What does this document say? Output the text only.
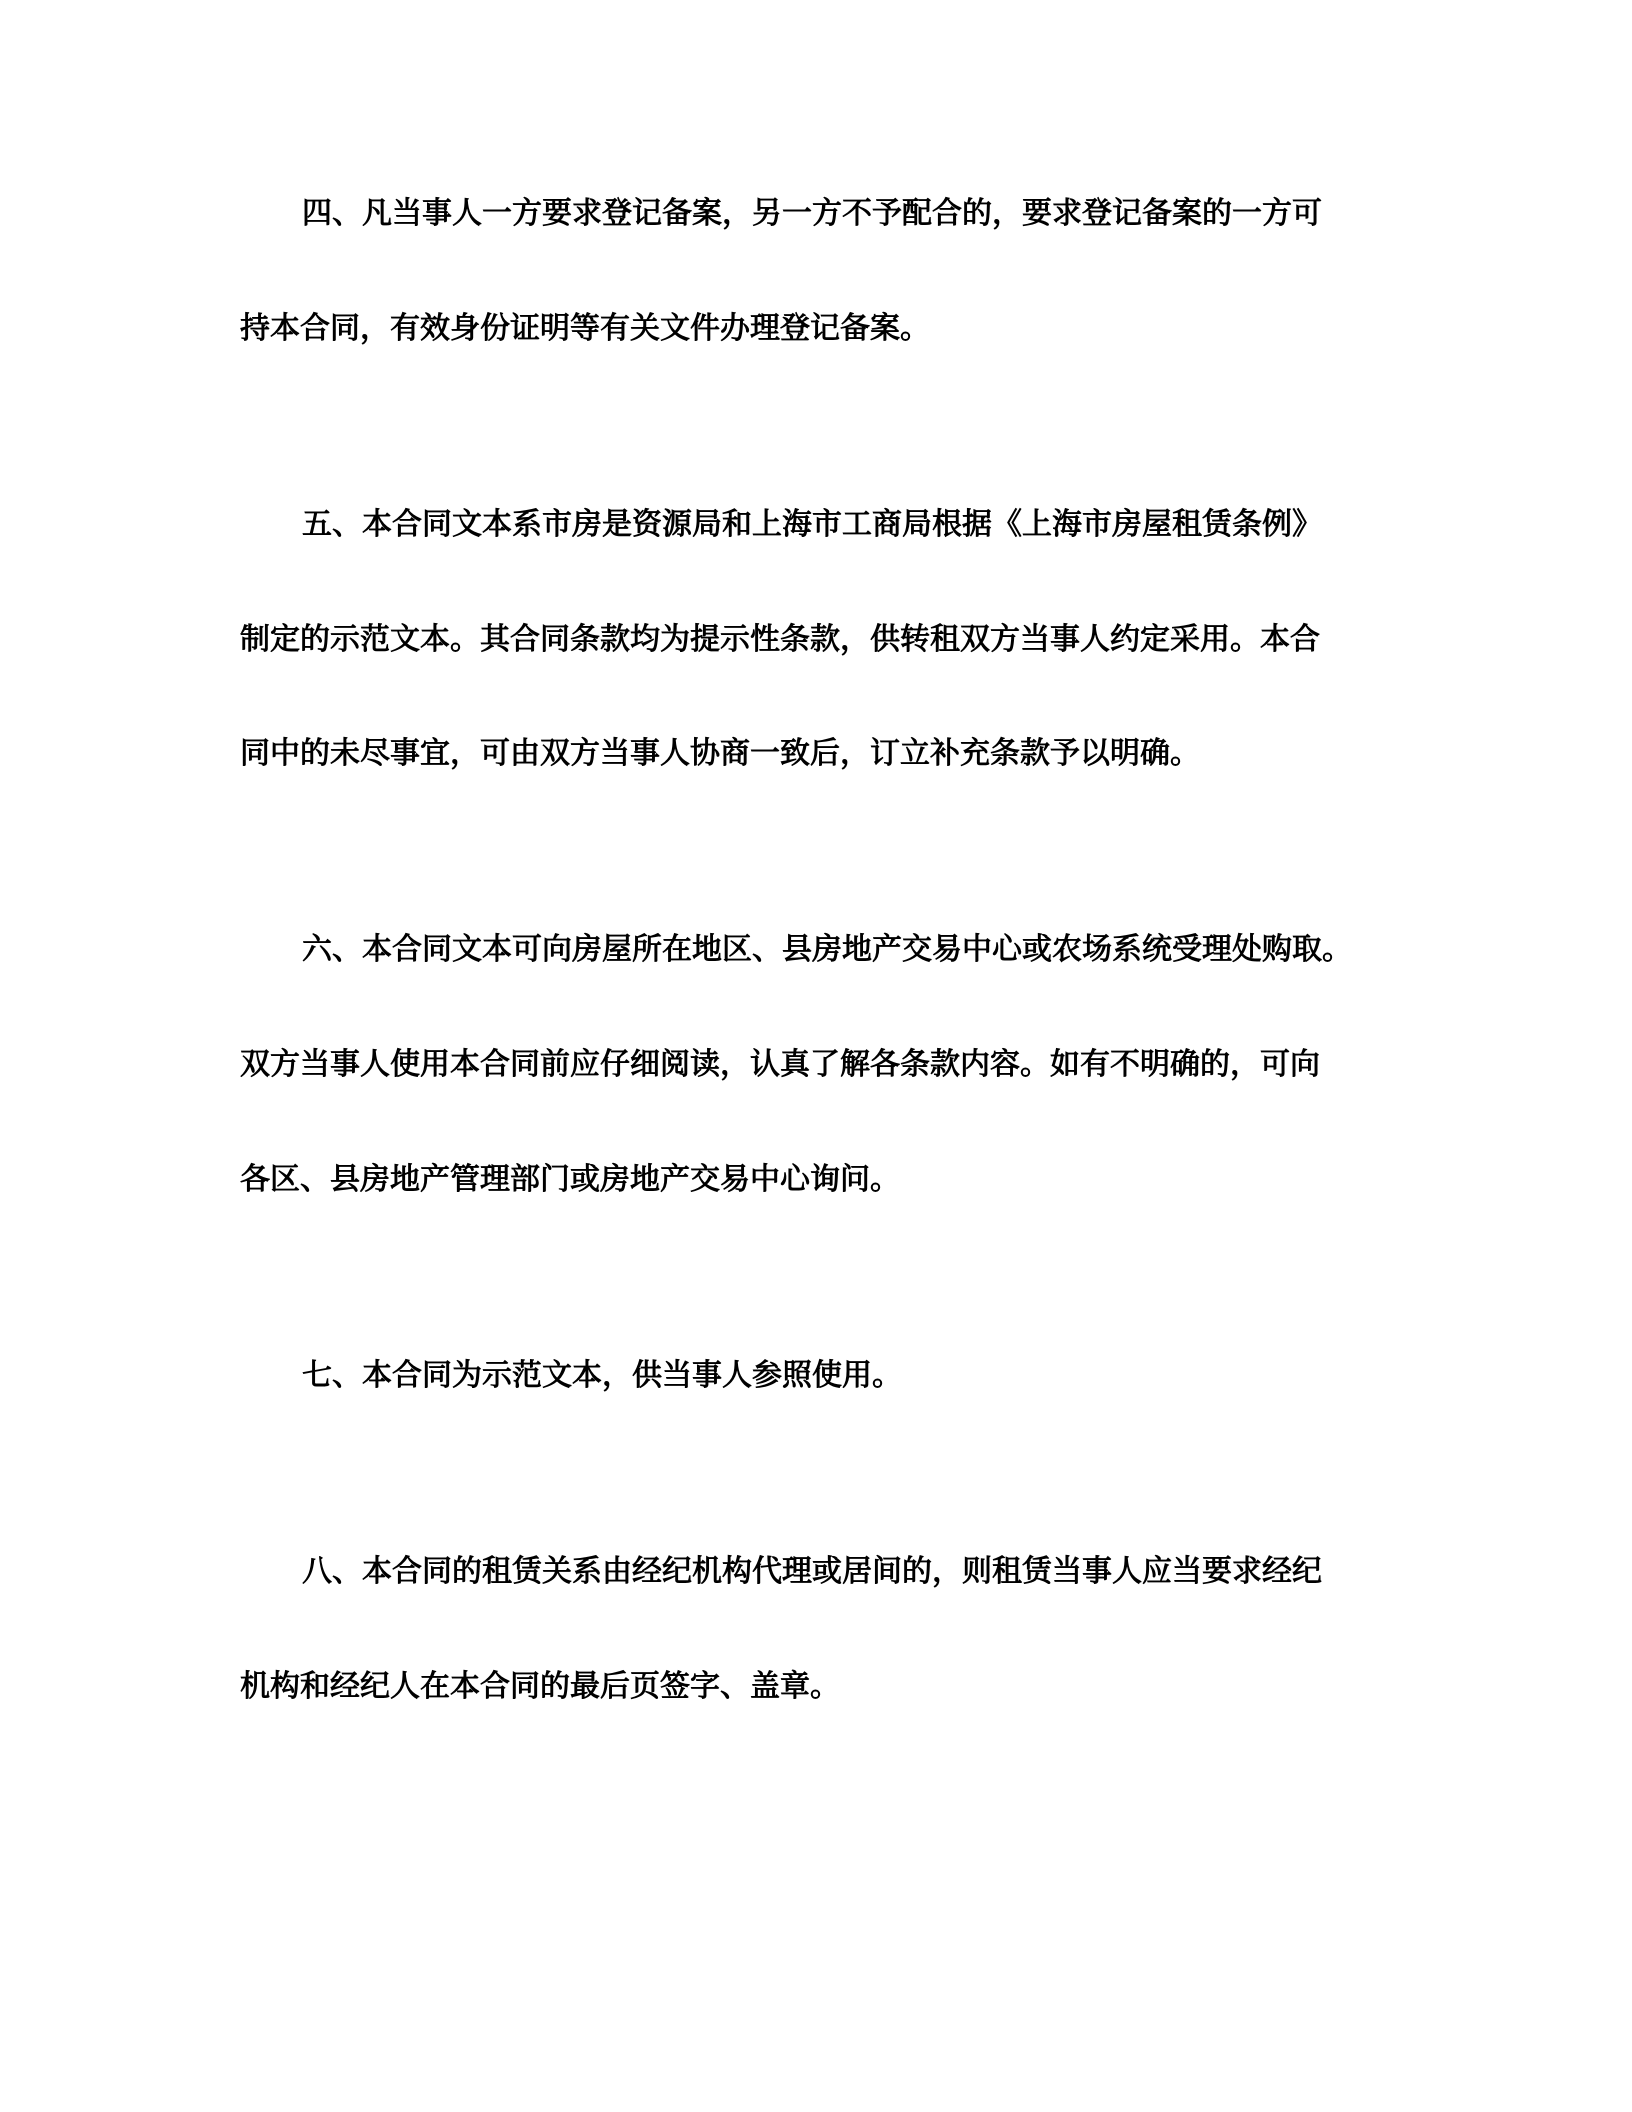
四、凡当事人一方要求登记备案，另一方不予配合的，要求登记备案的一方可

持本合同，有效身份证明等有关文件办理登记备案。

五、本合同文本系市房是资源局和上海市工商局根据《上海市房屋租赁条例》

制定的示范文本。其合同条款均为提示性条款，供转租双方当事人约定采用。本合

同中的未尽事宜，可由双方当事人协商一致后，订立补充条款予以明确。

六、本合同文本可向房屋所在地区、县房地产交易中心或农场系统受理处购取。

双方当事人使用本合同前应仔细阅读，认真了解各条款内容。如有不明确的，可向

各区、县房地产管理部门或房地产交易中心询问。

七、本合同为示范文本，供当事人参照使用。

八、本合同的租赁关系由经纪机构代理或居间的，则租赁当事人应当要求经纪

机构和经纪人在本合同的最后页签字、盖章。
